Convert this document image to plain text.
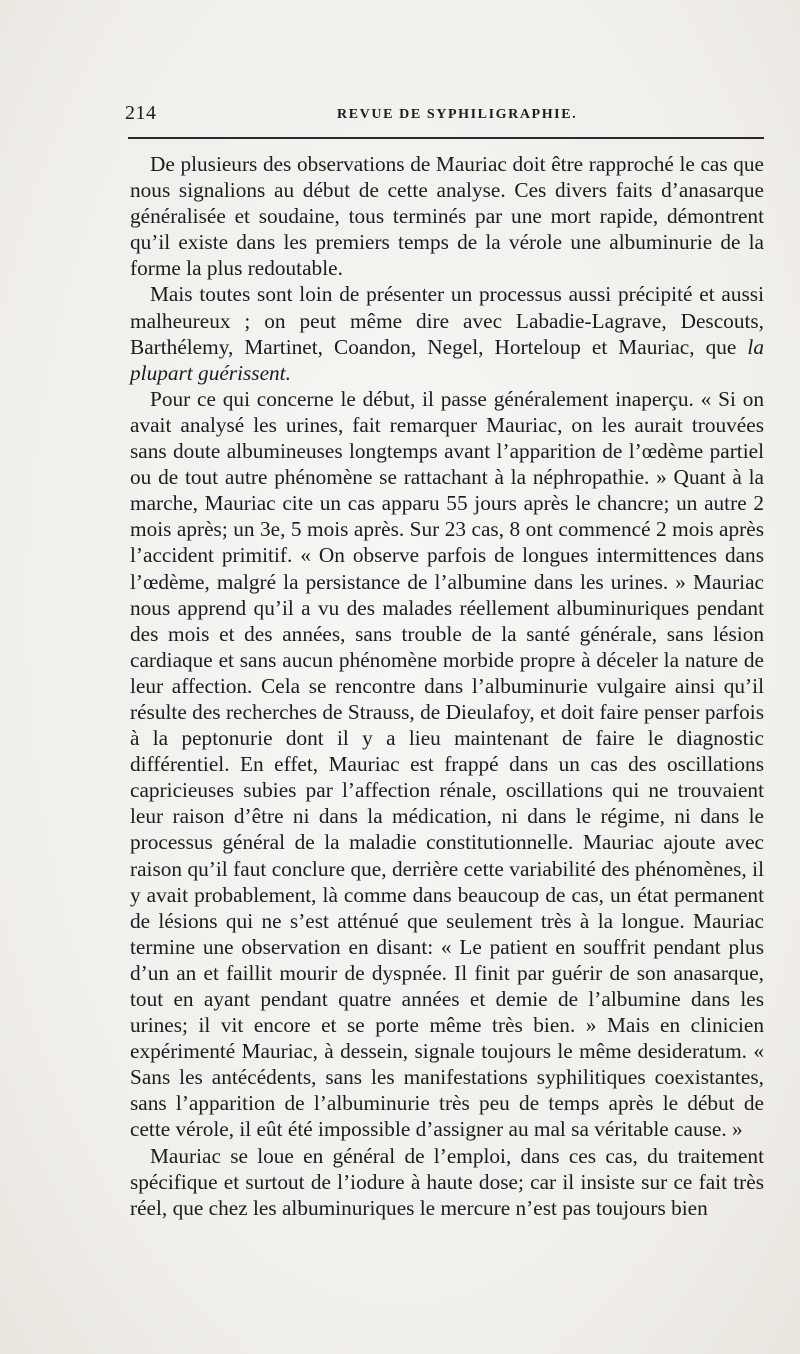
214	REVUE DE SYPHILIGRAPHIE.

De plusieurs des observations de Mauriac doit être rapproché le cas que nous signalions au début de cette analyse. Ces divers faits d’anasarque généralisée et soudaine, tous terminés par une mort rapide, démontrent qu’il existe dans les premiers temps de la vérole une albuminurie de la forme la plus redoutable.

Mais toutes sont loin de présenter un processus aussi précipité et aussi malheureux ; on peut même dire avec Labadie-Lagrave, Descouts, Barthélemy, Martinet, Coandon, Negel, Horteloup et Mauriac, que la plupart guérissent.

Pour ce qui concerne le début, il passe généralement inaperçu. « Si on avait analysé les urines, fait remarquer Mauriac, on les aurait trouvées sans doute albumineuses longtemps avant l’apparition de l’œdème partiel ou de tout autre phénomène se rattachant à la néphropathie. » Quant à la marche, Mauriac cite un cas apparu 55 jours après le chancre; un autre 2 mois après; un 3e, 5 mois après. Sur 23 cas, 8 ont commencé 2 mois après l’accident primitif. « On observe parfois de longues intermittences dans l’œdème, malgré la persistance de l’albumine dans les urines. » Mauriac nous apprend qu’il a vu des malades réellement albuminuriques pendant des mois et des années, sans trouble de la santé générale, sans lésion cardiaque et sans aucun phénomène morbide propre à déceler la nature de leur affection. Cela se rencontre dans l’albuminurie vulgaire ainsi qu’il résulte des recherches de Strauss, de Dieulafoy, et doit faire penser parfois à la peptonurie dont il y a lieu maintenant de faire le diagnostic différentiel. En effet, Mauriac est frappé dans un cas des oscillations capricieuses subies par l’affection rénale, oscillations qui ne trouvaient leur raison d’être ni dans la médication, ni dans le régime, ni dans le processus général de la maladie constitutionnelle. Mauriac ajoute avec raison qu’il faut conclure que, derrière cette variabilité des phénomènes, il y avait probablement, là comme dans beaucoup de cas, un état permanent de lésions qui ne s’est atténué que seulement très à la longue. Mauriac termine une observation en disant: « Le patient en souffrit pendant plus d’un an et faillit mourir de dyspnée. Il finit par guérir de son anasarque, tout en ayant pendant quatre années et demie de l’albumine dans les urines; il vit encore et se porte même très bien. » Mais en clinicien expérimenté Mauriac, à dessein, signale toujours le même desideratum. « Sans les antécédents, sans les manifestations syphilitiques coexistantes, sans l’apparition de l’albuminurie très peu de temps après le début de cette vérole, il eût été impossible d’assigner au mal sa véritable cause. »

Mauriac se loue en général de l’emploi, dans ces cas, du traitement spécifique et surtout de l’iodure à haute dose; car il insiste sur ce fait très réel, que chez les albuminuriques le mercure n’est pas toujours bien
